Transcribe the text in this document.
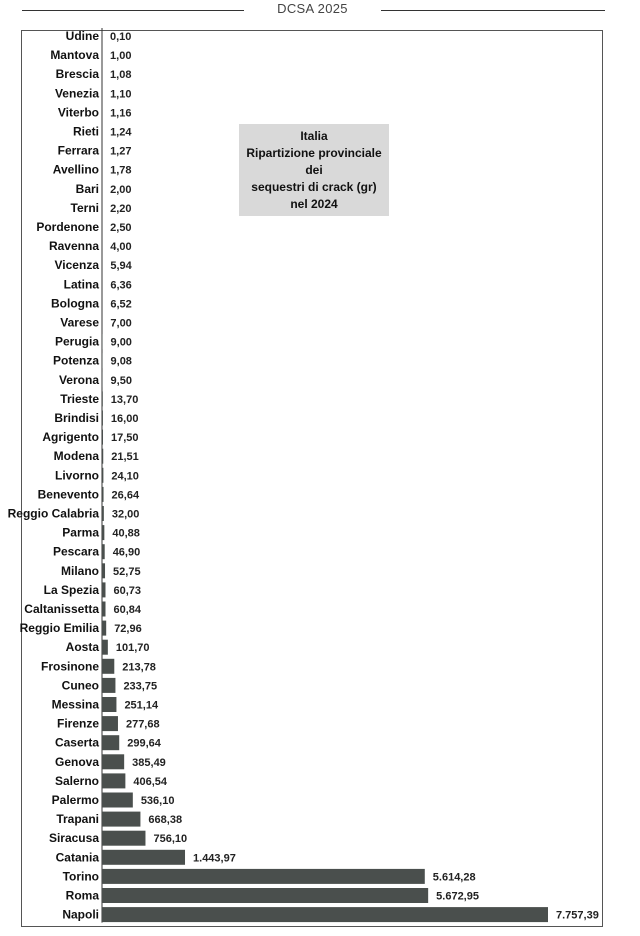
DCSA 2025
Udine 0,10
Mantova 1,00
Brescia 1,08
Venezia 1,10
Viterbo 1,16
Rieti 1,24
Ferrara 1,27
Avellino 1,78
Bari 2,00
Terni 2,20
Pordenone 2,50
Ravenna 4,00
Vicenza 5,94
Latina 6,36
Bologna 6,52
Varese 7,00
Perugia 9,00
Potenza 9,08
Verona 9,50
Trieste 13,70
Brindisi 16,00
Agrigento 17,50
Modena 21,51
Livorno 24,10
Benevento 26,64
Reggio Calabria 32,00
Parma 40,88
Pescara 46,90
Milano 52,75
La Spezia 60,73
Caltanissetta 60,84
Reggio Emilia 72,96
Aosta 101,70
Frosinone 213,78
Cuneo 233,75
Messina 251,14
Firenze 277,68
Caserta	299,64
Genova	385,49
Salerno	406,54
Palermo	536,10
Trapani	668,38
Siracusa	756,10
Catania	1.443,97
Torino	5.614,28
Roma	5.672,95
Napoli	7.757,39
Italia
Ripartizione provinciale dei
sequestri di crack (gr)
nel 2024
